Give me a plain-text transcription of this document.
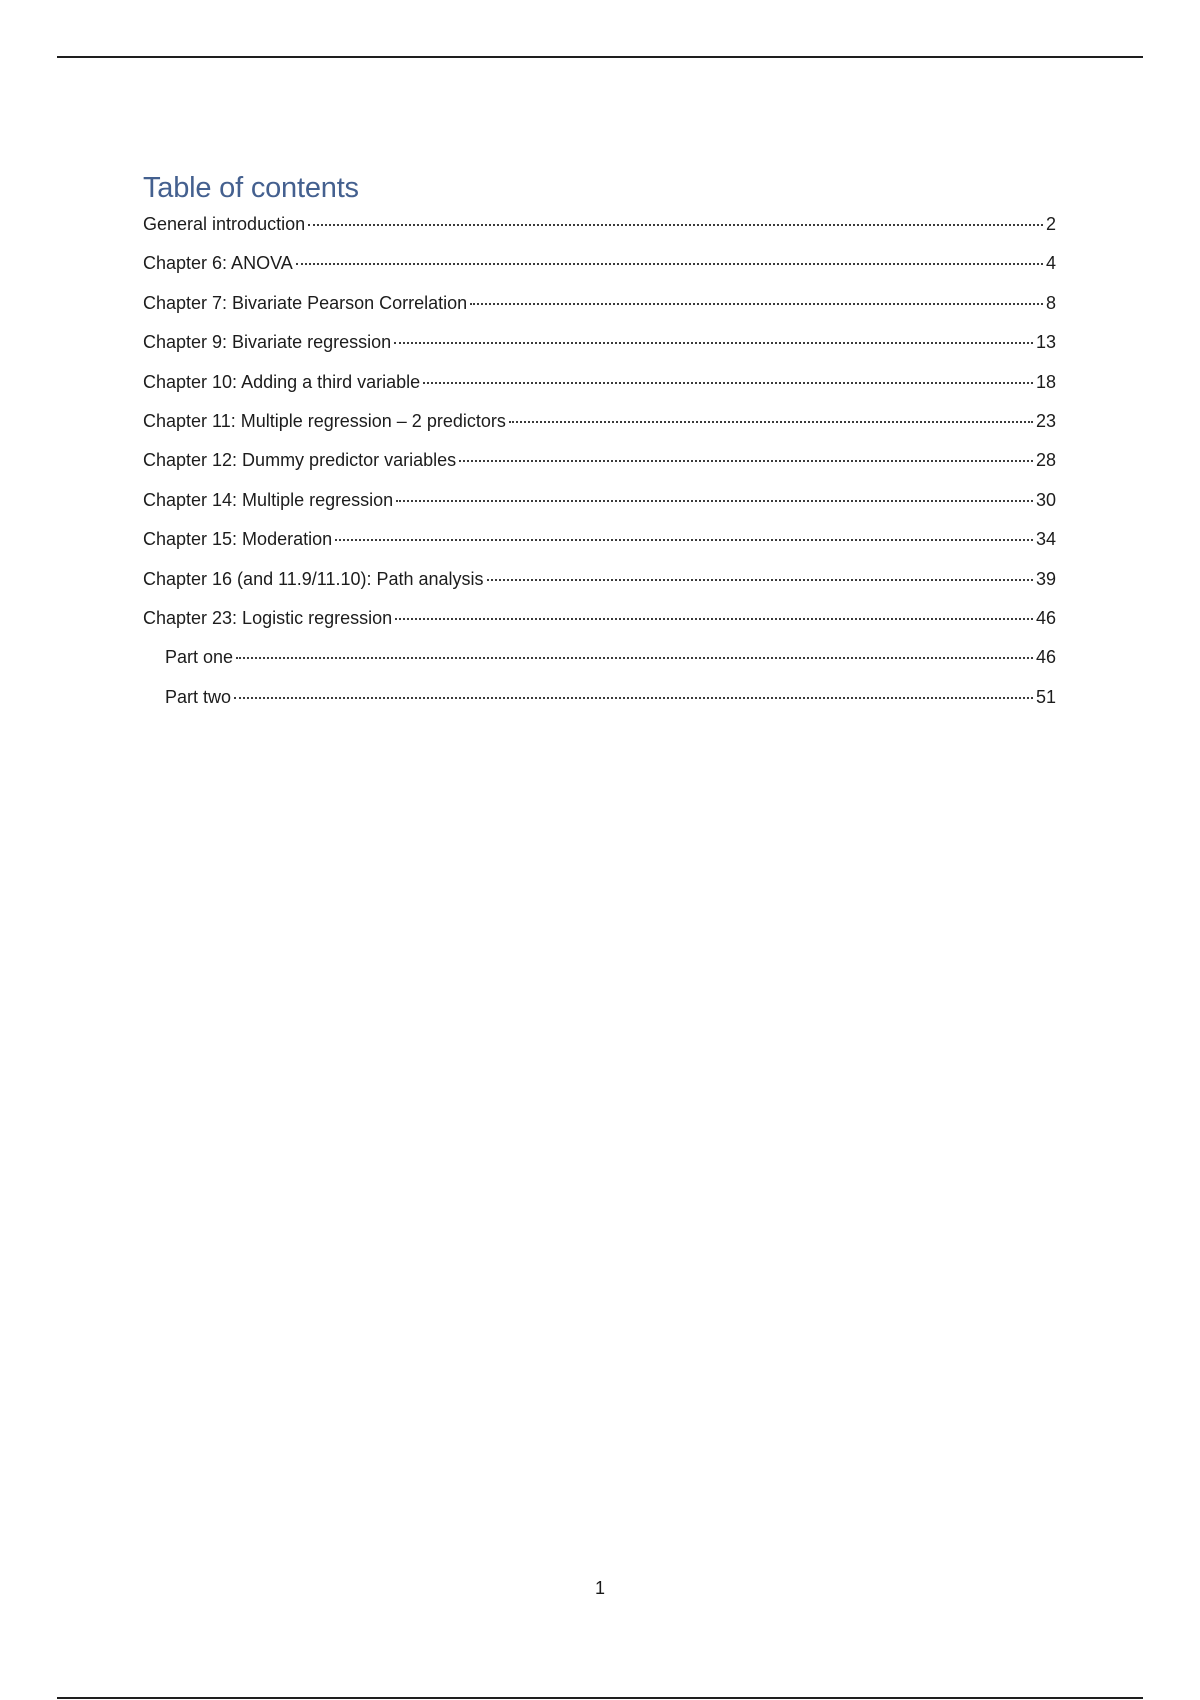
Table of contents
General introduction	2
Chapter 6: ANOVA	4
Chapter 7: Bivariate Pearson Correlation	8
Chapter 9: Bivariate regression	13
Chapter 10: Adding a third variable	18
Chapter 11: Multiple regression – 2 predictors	23
Chapter 12: Dummy predictor variables	28
Chapter 14: Multiple regression	30
Chapter 15: Moderation	34
Chapter 16 (and 11.9/11.10): Path analysis	39
Chapter 23: Logistic regression	46
Part one	46
Part two	51
1
